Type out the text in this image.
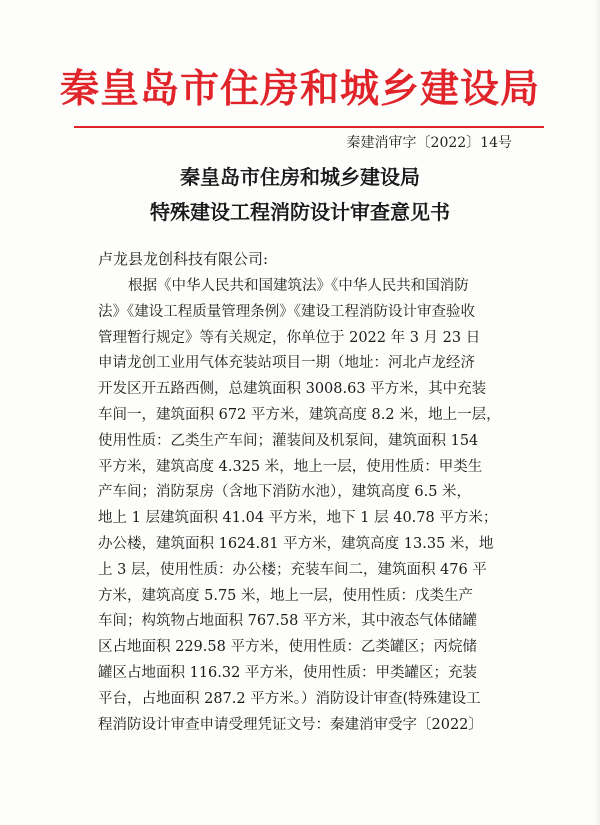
秦皇岛市住房和城乡建设局
秦建消审字〔2022〕14号
秦皇岛市住房和城乡建设局
特殊建设工程消防设计审查意见书
卢龙县龙创科技有限公司:
根据《中华人民共和国建筑法》《中华人民共和国消防
法》《建设工程质量管理条例》《建设工程消防设计审查验收
管理暂行规定》等有关规定，你单位于 2022 年 3 月 23 日
申请龙创工业用气体充装站项目一期（地址：河北卢龙经济
开发区开五路西侧，总建筑面积 3008.63 平方米，其中充装
车间一，建筑面积 672 平方米，建筑高度 8.2 米，地上一层，
使用性质：乙类生产车间；灌装间及机泵间，建筑面积 154
平方米，建筑高度 4.325 米，地上一层，使用性质：甲类生
产车间；消防泵房（含地下消防水池），建筑高度 6.5 米，
地上 1 层建筑面积 41.04 平方米，地下 1 层 40.78 平方米；
办公楼，建筑面积 1624.81 平方米，建筑高度 13.35 米，地
上 3 层，使用性质：办公楼；充装车间二，建筑面积 476 平
方米，建筑高度 5.75 米，地上一层，使用性质：戊类生产
车间；构筑物占地面积 767.58 平方米，其中液态气体储罐
区占地面积 229.58 平方米，使用性质：乙类罐区；丙烷储
罐区占地面积 116.32 平方米，使用性质：甲类罐区；充装
平台，占地面积 287.2 平方米。）消防设计审查(特殊建设工
程消防设计审查申请受理凭证文号：秦建消审受字〔2022〕
